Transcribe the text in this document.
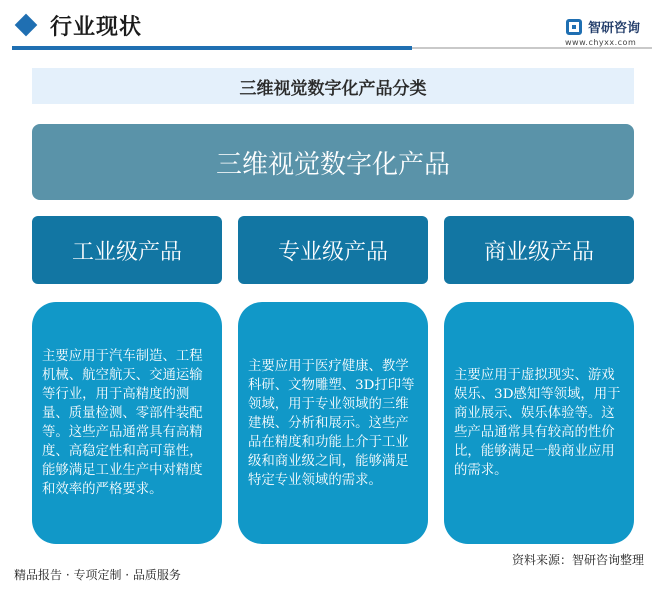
行业现状	智研咨询
www.chyxx.com
三维视觉数字化产品分类
三维视觉数字化产品
工业级产品	专业级产品	商业级产品
主要应用于汽车制造、工程机械、航空航天、交通运输等行业，用于高精度的测量、质量检测、零部件装配等。这些产品通常具有高精度、高稳定性和高可靠性，能够满足工业生产中对精度和效率的严格要求。
主要应用于医疗健康、教学科研、文物雕塑、3D打印等领域，用于专业领域的三维建模、分析和展示。这些产品在精度和功能上介于工业级和商业级之间，能够满足特定专业领域的需求。
主要应用于虚拟现实、游戏娱乐、3D感知等领域，用于商业展示、娱乐体验等。这些产品通常具有较高的性价比，能够满足一般商业应用的需求。
精品报告 · 专项定制 · 品质服务
资料来源：智研咨询整理
